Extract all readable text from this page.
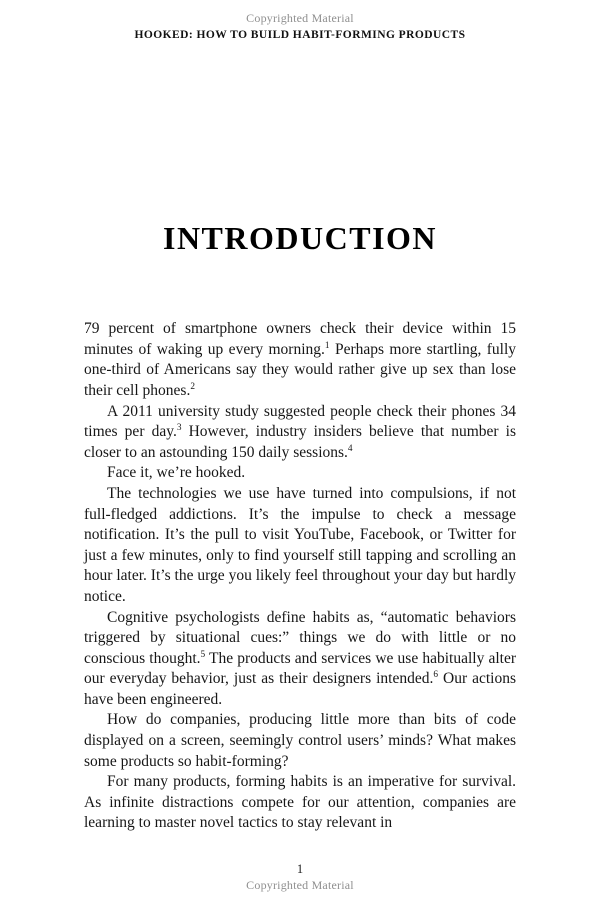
Copyrighted Material
HOOKED: HOW TO BUILD HABIT-FORMING PRODUCTS
INTRODUCTION

79 percent of smartphone owners check their device within 15 minutes of waking up every morning.$^1$ Perhaps more startling, fully one-third of Americans say they would rather give up sex than lose their cell phones.$^2$

A 2011 university study suggested people check their phones 34 times per day.$^3$ However, industry insiders believe that number is closer to an astounding 150 daily sessions.$^4$

Face it, we’re hooked.

The technologies we use have turned into compulsions, if not full-fledged addictions. It’s the impulse to check a message notification. It’s the pull to visit YouTube, Facebook, or Twitter for just a few minutes, only to find yourself still tapping and scrolling an hour later. It’s the urge you likely feel throughout your day but hardly notice.

Cognitive psychologists define habits as, “automatic behaviors triggered by situational cues:” things we do with little or no conscious thought.$^5$ The products and services we use habitually alter our everyday behavior, just as their designers intended.$^6$ Our actions have been engineered.

How do companies, producing little more than bits of code displayed on a screen, seemingly control users’ minds? What makes some products so habit-forming?

For many products, forming habits is an imperative for survival. As infinite distractions compete for our attention, companies are learning to master novel tactics to stay relevant in

1
Copyrighted Material
